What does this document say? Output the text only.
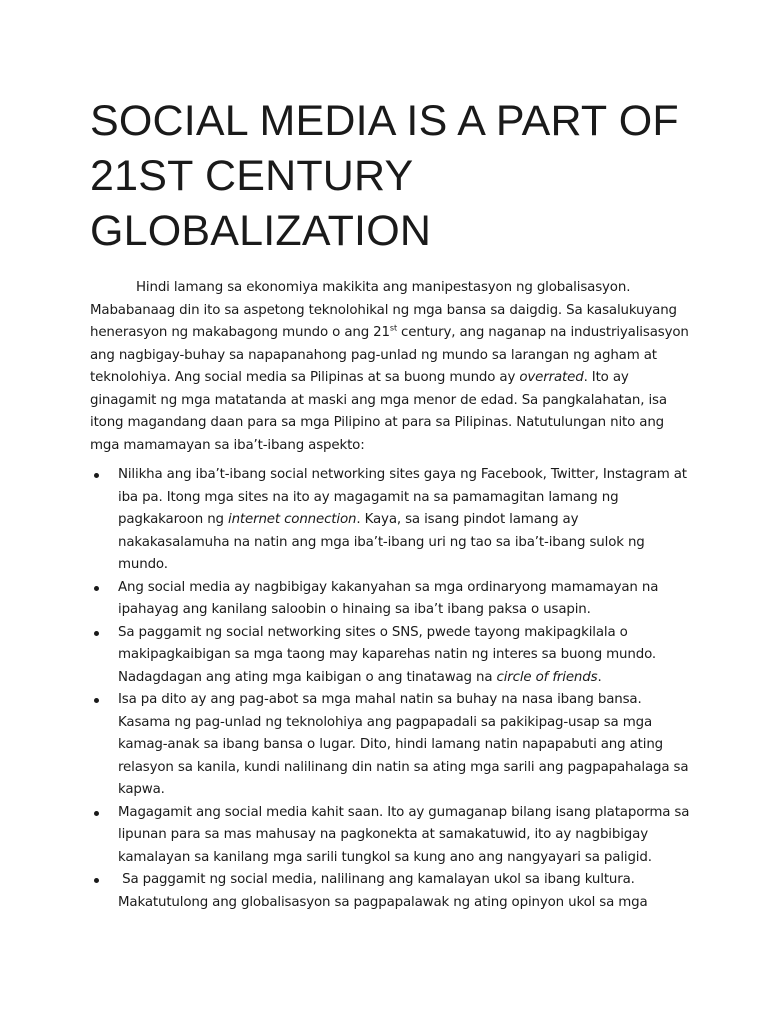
SOCIAL MEDIA IS A PART OF 21ST CENTURY GLOBALIZATION

Hindi lamang sa ekonomiya makikita ang manipestasyon ng globalisasyon. Mababanaag din ito sa aspetong teknolohikal ng mga bansa sa daigdig. Sa kasalukuyang henerasyon ng makabagong mundo o ang 21st century, ang naganap na industriyalisasyon ang nagbigay-buhay sa napapanahong pag-unlad ng mundo sa larangan ng agham at teknolohiya. Ang social media sa Pilipinas at sa buong mundo ay overrated. Ito ay ginagamit ng mga matatanda at maski ang mga menor de edad. Sa pangkalahatan, isa itong magandang daan para sa mga Pilipino at para sa Pilipinas. Natutulungan nito ang mga mamamayan sa iba’t-ibang aspekto:

Nilikha ang iba’t-ibang social networking sites gaya ng Facebook, Twitter, Instagram at iba pa. Itong mga sites na ito ay magagamit na sa pamamagitan lamang ng pagkakaroon ng internet connection. Kaya, sa isang pindot lamang ay nakakasalamuha na natin ang mga iba’t-ibang uri ng tao sa iba’t-ibang sulok ng mundo.
Ang social media ay nagbibigay kakanyahan sa mga ordinaryong mamamayan na ipahayag ang kanilang saloobin o hinaing sa iba’t ibang paksa o usapin.
Sa paggamit ng social networking sites o SNS, pwede tayong makipagkilala o makipagkaibigan sa mga taong may kaparehas natin ng interes sa buong mundo. Nadagdagan ang ating mga kaibigan o ang tinatawag na circle of friends.
Isa pa dito ay ang pag-abot sa mga mahal natin sa buhay na nasa ibang bansa. Kasama ng pag-unlad ng teknolohiya ang pagpapadali sa pakikipag-usap sa mga kamag-anak sa ibang bansa o lugar. Dito, hindi lamang natin napapabuti ang ating relasyon sa kanila, kundi nalilinang din natin sa ating mga sarili ang pagpapahalaga sa kapwa.
Magagamit ang social media kahit saan. Ito ay gumaganap bilang isang plataporma sa lipunan para sa mas mahusay na pagkonekta at samakatuwid, ito ay nagbibigay kamalayan sa kanilang mga sarili tungkol sa kung ano ang nangyayari sa paligid.
Sa paggamit ng social media, nalilinang ang kamalayan ukol sa ibang kultura. Makatutulong ang globalisasyon sa pagpapalawak ng ating opinyon ukol sa mga
